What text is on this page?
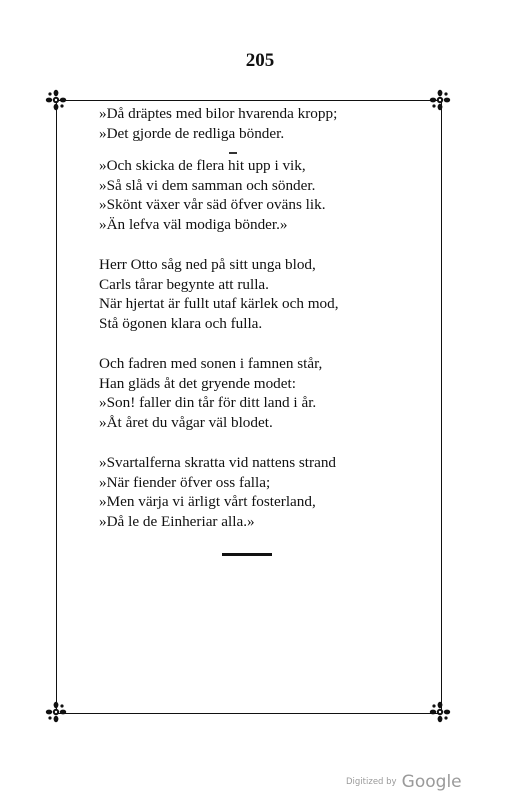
205
»Då dräptes med bilor hvarenda kropp;
»Det gjorde de redliga bönder.
»Och skicka de flera hit upp i vik,
»Så slå vi dem samman och sönder.
»Skönt växer vår säd öfver oväns lik.
»Än lefva väl modiga bönder.»
Herr Otto såg ned på sitt unga blod,
Carls tårar begynte att rulla.
När hjertat är fullt utaf kärlek och mod,
Stå ögonen klara och fulla.
Och fadren med sonen i famnen står,
Han gläds åt det gryende modet:
»Son! faller din tår för ditt land i år.
»Åt året du vågar väl blodet.
»Svartalferna skratta vid nattens strand
»När fiender öfver oss falla;
»Men värja vi ärligt vårt fosterland,
»Då le de Einheriar alla.»
Digitized by Google
